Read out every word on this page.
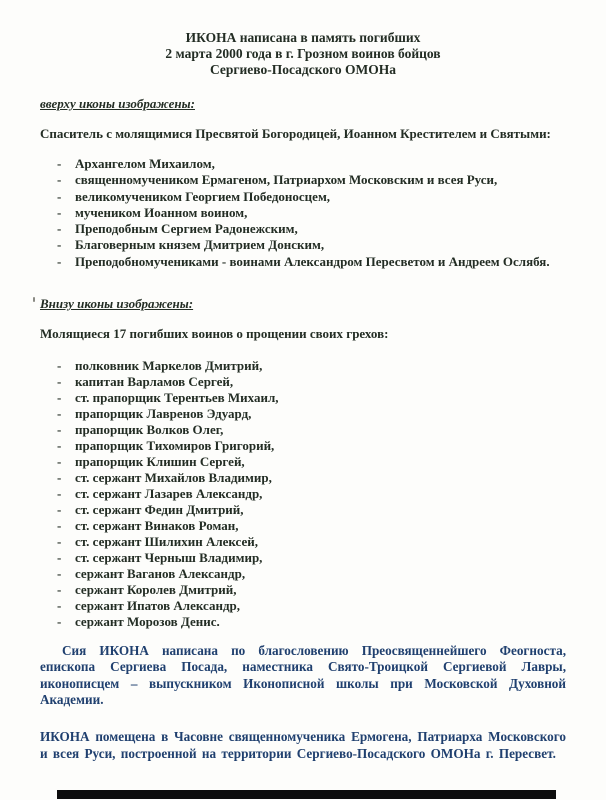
ИКОНА написана в память погибших
2 марта 2000 года в г. Грозном воинов бойцов
Сергиево-Посадского ОМОНа
вверху иконы изображены:

Спаситель с молящимися Пресвятой Богородицей, Иоанном Крестителем и Святыми:

-	Архангелом Михаилом,
-	священномучеником Ермагеном, Патриархом Московским и всея Руси,
-	великомучеником Георгием Победоносцем,
-	мучеником Иоанном воином,
-	Преподобным Сергием Радонежским,
-	Благоверным князем Дмитрием Донским,
-	Преподобномучениками - воинами Александром Пересветом и Андреем Ослябя.
Внизу иконы изображены:

Молящиеся 17 погибших воинов о прощении своих грехов:

-	полковник Маркелов Дмитрий,
-	капитан Варламов Сергей,
-	ст. прапорщик Терентьев Михаил,
-	прапорщик Лавренов Эдуард,
-	прапорщик Волков Олег,
-	прапорщик Тихомиров Григорий,
-	прапорщик Клишин Сергей,
-	ст. сержант Михайлов Владимир,
-	ст. сержант Лазарев Александр,
-	ст. сержант Федин Дмитрий,
-	ст. сержант Винаков Роман,
-	ст. сержант Шилихин Алексей,
-	ст. сержант Черныш Владимир,
-	сержант Ваганов Александр,
-	сержант Королев Дмитрий,
-	сержант Ипатов Александр,
-	сержант Морозов Денис.

Сия ИКОНА написана по благословению Преосвященнейшего Феогноста, епископа Сергиева Посада, наместника Свято-Троицкой Сергиевой Лавры, иконописцем – выпускником Иконописной школы при Московской Духовной Академии.

ИКОНА помещена в Часовне священномученика Ермогена, Патриарха Московского и всея Руси, построенной на территории Сергиево-Посадского ОМОНа г. Пересвет.
